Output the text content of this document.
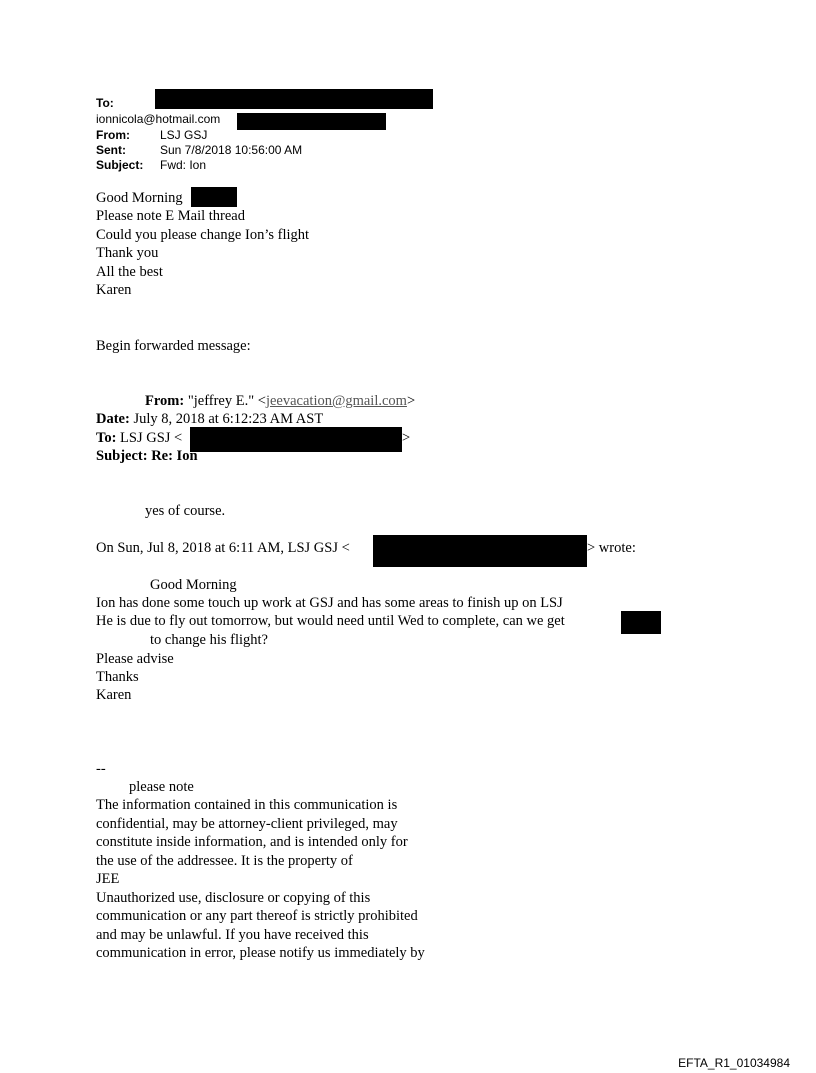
To:	;
ionnicola@hotmail.com
From:	LSJ GSJ
Sent:	Sun 7/8/2018 10:56:00 AM
Subject: Fwd: Ion
Good Morning
Please note E Mail thread
Could you please change Ion’s flight
Thank you
All the best
Karen
Begin forwarded message:
From: "jeffrey E." <jeevacation@gmail.com>
Date: July 8, 2018 at 6:12:23 AM AST
To: LSJ GSJ <	>
Subject: Re: Ion
yes of course.
On Sun, Jul 8, 2018 at 6:11 AM, LSJ GSJ <	> wrote:
Good Morning
Ion has done some touch up work at GSJ and has some areas to finish up on LSJ
He is due to fly out tomorrow, but would need until Wed to complete, can we get
to change his flight?
Please advise
Thanks
Karen
--
please note
The information contained in this communication is
confidential, may be attorney-client privileged, may
constitute inside information, and is intended only for
the use of the addressee. It is the property of
JEE
Unauthorized use, disclosure or copying of this
communication or any part thereof is strictly prohibited
and may be unlawful. If you have received this
communication in error, please notify us immediately by
EFTA_R1_01034984
